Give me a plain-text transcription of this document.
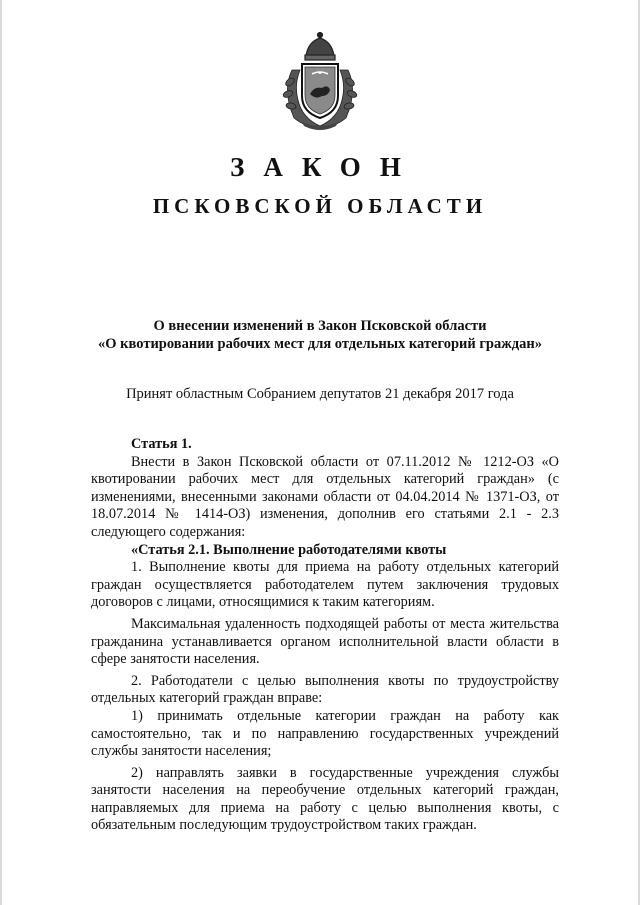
ЗАКОН
ПСКОВСКОЙ ОБЛАСТИ
О внесении изменений в Закон Псковской области
«О квотировании рабочих мест для отдельных категорий граждан»
Принят областным Собранием депутатов 21 декабря 2017 года

Статья 1.

Внести в Закон Псковской области от 07.11.2012 № 1212-ОЗ «О квотировании рабочих мест для отдельных категорий граждан» (с изменениями, внесенными законами области от 04.04.2014 № 1371-ОЗ, от 18.07.2014 № 1414-ОЗ) изменения, дополнив его статьями 2.1 - 2.3 следующего содержания:

«Статья 2.1. Выполнение работодателями квоты

1. Выполнение квоты для приема на работу отдельных категорий граждан осуществляется работодателем путем заключения трудовых договоров с лицами, относящимися к таким категориям.

Максимальная удаленность подходящей работы от места жительства гражданина устанавливается органом исполнительной власти области в сфере занятости населения.

2. Работодатели с целью выполнения квоты по трудоустройству отдельных категорий граждан вправе:

1) принимать отдельные категории граждан на работу как самостоятельно, так и по направлению государственных учреждений службы занятости населения;

2) направлять заявки в государственные учреждения службы занятости населения на переобучение отдельных категорий граждан, направляемых для приема на работу с целью выполнения квоты, с обязательным последующим трудоустройством таких граждан.
